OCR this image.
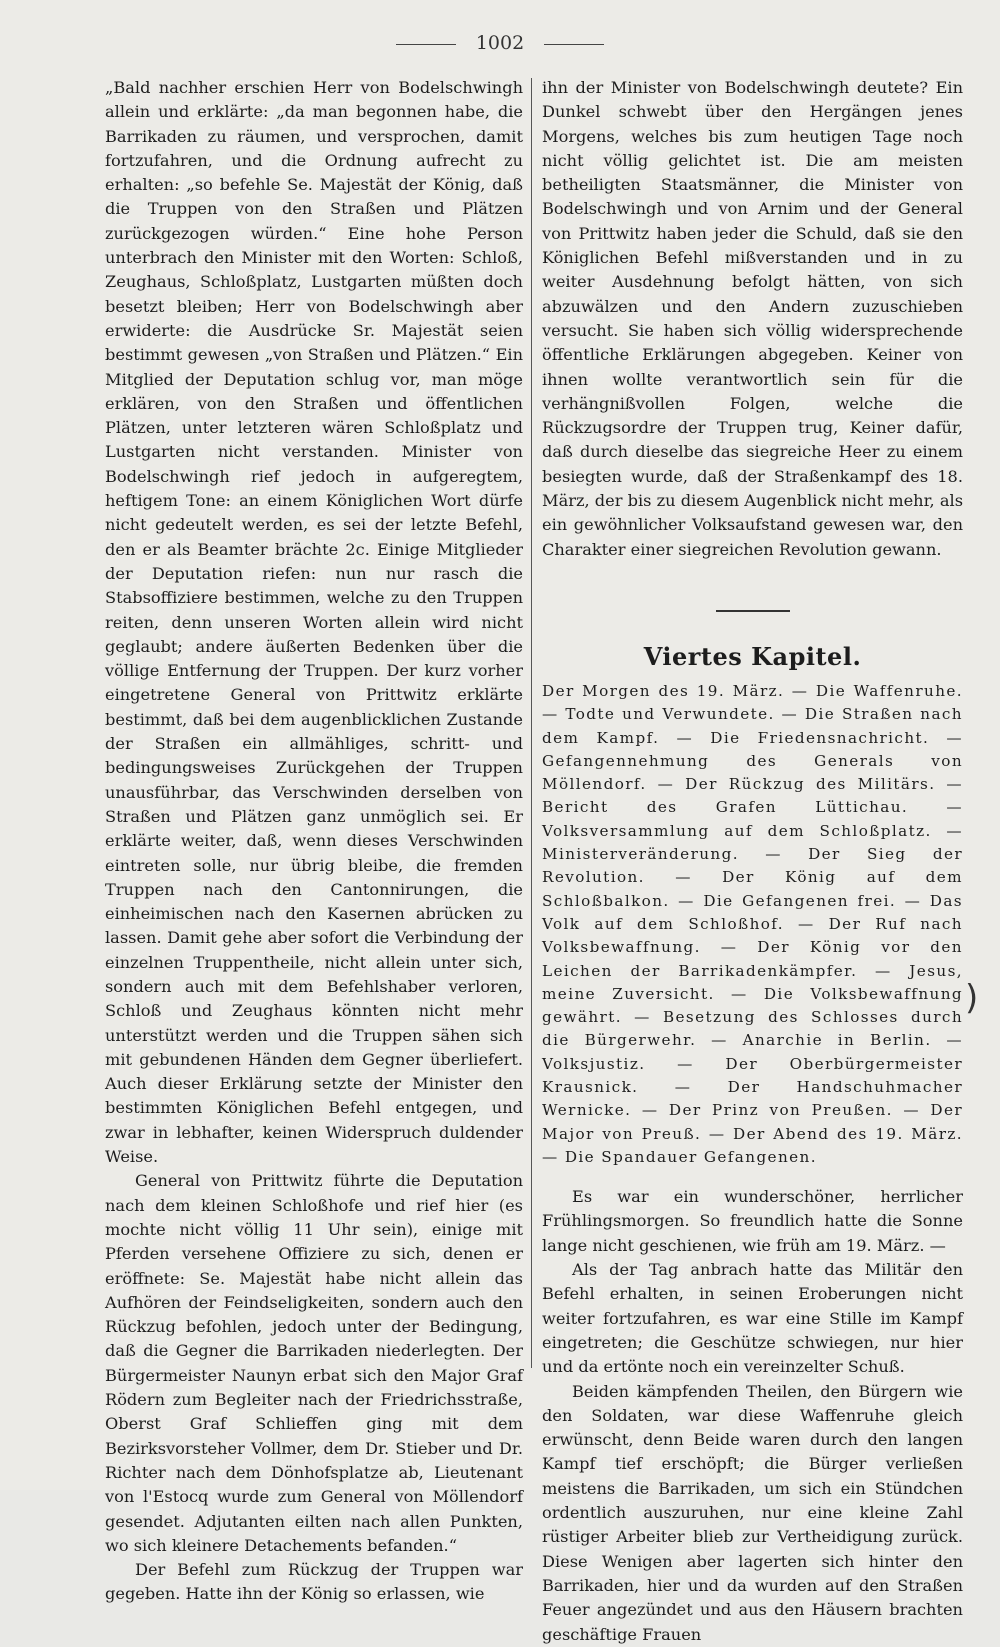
1002

„Bald nachher erschien Herr von Bodelschwingh allein und erklärte: „da man begonnen habe, die Barrikaden zu räumen, und versprochen, damit fortzufahren, und die Ordnung aufrecht zu erhalten: „so befehle Se. Majestät der König, daß die Truppen von den Straßen und Plätzen zurückgezogen würden.“ Eine hohe Person unterbrach den Minister mit den Worten: Schloß, Zeughaus, Schloßplatz, Lustgarten müßten doch besetzt bleiben; Herr von Bodelschwingh aber erwiderte: die Ausdrücke Sr. Majestät seien bestimmt gewesen „von Straßen und Plätzen.“ Ein Mitglied der Deputation schlug vor, man möge erklären, von den Straßen und öffentlichen Plätzen, unter letzteren wären Schloßplatz und Lustgarten nicht verstanden. Minister von Bodelschwingh rief jedoch in aufgeregtem, heftigem Tone: an einem Königlichen Wort dürfe nicht gedeutelt werden, es sei der letzte Befehl, den er als Beamter brächte 2c. Einige Mitglieder der Deputation riefen: nun nur rasch die Stabsoffiziere bestimmen, welche zu den Truppen reiten, denn unseren Worten allein wird nicht geglaubt; andere äußerten Bedenken über die völlige Entfernung der Truppen. Der kurz vorher eingetretene General von Prittwitz erklärte bestimmt, daß bei dem augenblicklichen Zustande der Straßen ein allmähliges, schritt- und bedingungsweises Zurückgehen der Truppen unausführbar, das Verschwinden derselben von Straßen und Plätzen ganz unmöglich sei. Er erklärte weiter, daß, wenn dieses Verschwinden eintreten solle, nur übrig bleibe, die fremden Truppen nach den Cantonnirungen, die einheimischen nach den Kasernen abrücken zu lassen. Damit gehe aber sofort die Verbindung der einzelnen Truppentheile, nicht allein unter sich, sondern auch mit dem Befehlshaber verloren, Schloß und Zeughaus könnten nicht mehr unterstützt werden und die Truppen sähen sich mit gebundenen Händen dem Gegner überliefert. Auch dieser Erklärung setzte der Minister den bestimmten Königlichen Befehl entgegen, und zwar in lebhafter, keinen Widerspruch duldender Weise.

General von Prittwitz führte die Deputation nach dem kleinen Schloßhofe und rief hier (es mochte nicht völlig 11 Uhr sein), einige mit Pferden versehene Offiziere zu sich, denen er eröffnete: Se. Majestät habe nicht allein das Aufhören der Feindseligkeiten, sondern auch den Rückzug befohlen, jedoch unter der Bedingung, daß die Gegner die Barrikaden niederlegten. Der Bürgermeister Naunyn erbat sich den Major Graf Rödern zum Begleiter nach der Friedrichsstraße, Oberst Graf Schlieffen ging mit dem Bezirksvorsteher Vollmer, dem Dr. Stieber und Dr. Richter nach dem Dönhofsplatze ab, Lieutenant von l'Estocq wurde zum General von Möllendorf gesendet. Adjutanten eilten nach allen Punkten, wo sich kleinere Detachements befanden.“

Der Befehl zum Rückzug der Truppen war gegeben. Hatte ihn der König so erlassen, wie

ihn der Minister von Bodelschwingh deutete? Ein Dunkel schwebt über den Hergängen jenes Morgens, welches bis zum heutigen Tage noch nicht völlig gelichtet ist. Die am meisten betheiligten Staatsmänner, die Minister von Bodelschwingh und von Arnim und der General von Prittwitz haben jeder die Schuld, daß sie den Königlichen Befehl mißverstanden und in zu weiter Ausdehnung befolgt hätten, von sich abzuwälzen und den Andern zuzuschieben versucht. Sie haben sich völlig widersprechende öffentliche Erklärungen abgegeben. Keiner von ihnen wollte verantwortlich sein für die verhängnißvollen Folgen, welche die Rückzugsordre der Truppen trug, Keiner dafür, daß durch dieselbe das siegreiche Heer zu einem besiegten wurde, daß der Straßenkampf des 18. März, der bis zu diesem Augenblick nicht mehr, als ein gewöhnlicher Volksaufstand gewesen war, den Charakter einer siegreichen Revolution gewann.

Viertes Kapitel.
Der Morgen des 19. März. — Die Waffenruhe. — Todte und Verwundete. — Die Straßen nach dem Kampf. — Die Friedensnachricht. — Gefangennehmung des Generals von Möllendorf. — Der Rückzug des Militärs. — Bericht des Grafen Lüttichau. — Volksversammlung auf dem Schloßplatz. — Ministerveränderung. — Der Sieg der Revolution. — Der König auf dem Schloßbalkon. — Die Gefangenen frei. — Das Volk auf dem Schloßhof. — Der Ruf nach Volksbewaffnung. — Der König vor den Leichen der Barrikadenkämpfer. — Jesus, meine Zuversicht. — Die Volksbewaffnung gewährt. — Besetzung des Schlosses durch die Bürgerwehr. — Anarchie in Berlin. — Volksjustiz. — Der Oberbürgermeister Krausnick. — Der Handschuhmacher Wernicke. — Der Prinz von Preußen. — Der Major von Preuß. — Der Abend des 19. März. — Die Spandauer Gefangenen.

Es war ein wunderschöner, herrlicher Frühlingsmorgen. So freundlich hatte die Sonne lange nicht geschienen, wie früh am 19. März. —

Als der Tag anbrach hatte das Militär den Befehl erhalten, in seinen Eroberungen nicht weiter fortzufahren, es war eine Stille im Kampf eingetreten; die Geschütze schwiegen, nur hier und da ertönte noch ein vereinzelter Schuß.

Beiden kämpfenden Theilen, den Bürgern wie den Soldaten, war diese Waffenruhe gleich erwünscht, denn Beide waren durch den langen Kampf tief erschöpft; die Bürger verließen meistens die Barrikaden, um sich ein Stündchen ordentlich auszuruhen, nur eine kleine Zahl rüstiger Arbeiter blieb zur Vertheidigung zurück. Diese Wenigen aber lagerten sich hinter den Barrikaden, hier und da wurden auf den Straßen Feuer angezündet und aus den Häusern brachten geschäftige Frauen

)
